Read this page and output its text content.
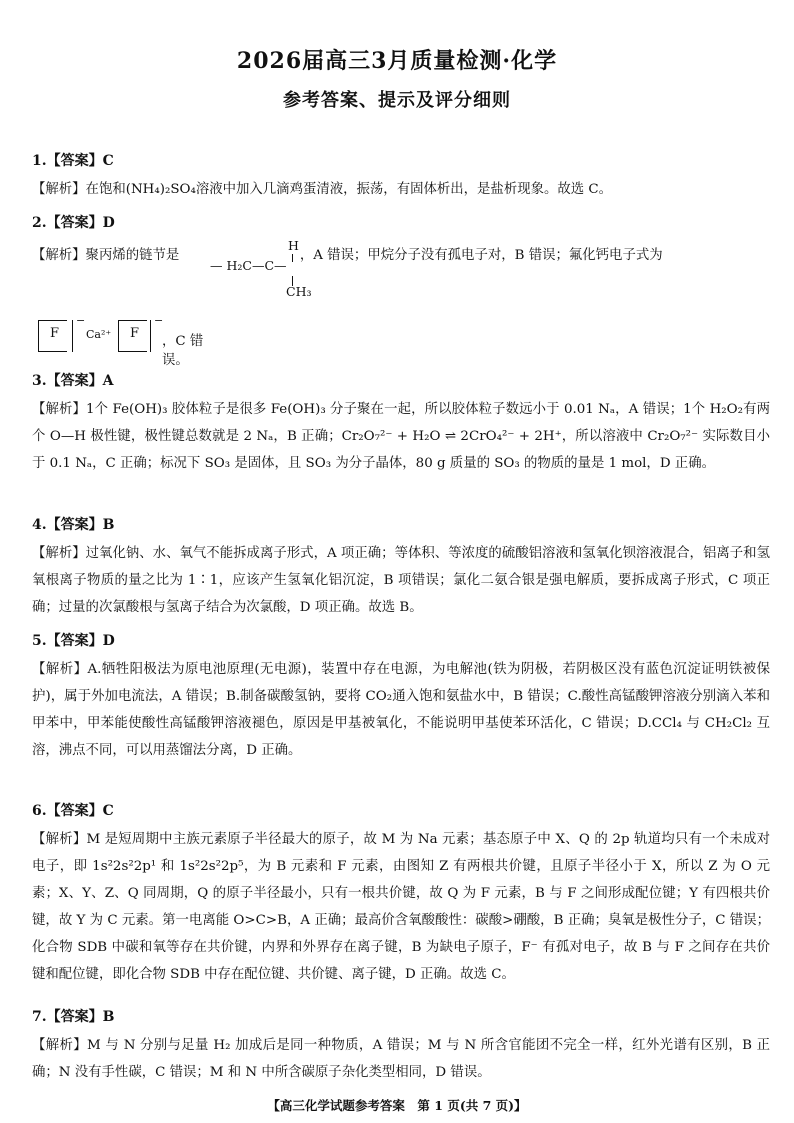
2026届高三3月质量检测·化学
参考答案、提示及评分细则
1.【答案】C
【解析】在饱和(NH₄)₂SO₄溶液中加入几滴鸡蛋清液，振荡，有固体析出，是盐析现象。故选 C。
2.【答案】D
【解析】聚丙烯的链节是	，A 错误；甲烷分子没有孤电子对，B 错误；氟化钙电子式为
H
— H₂C—C—
CH₃
F
−
Ca²⁺ F
−
，C 错误。
3.【答案】A
【解析】1个 Fe(OH)₃ 胶体粒子是很多 Fe(OH)₃ 分子聚在一起，所以胶体粒子数远小于 0.01 Nₐ，A 错误；1个 H₂O₂有两个 O—H 极性键，极性键总数就是 2 Nₐ，B 正确；Cr₂O₇²⁻ + H₂O ⇌ 2CrO₄²⁻ + 2H⁺，所以溶液中 Cr₂O₇²⁻ 实际数目小于 0.1 Nₐ，C 正确；标况下 SO₃ 是固体，且 SO₃ 为分子晶体，80 g 质量的 SO₃ 的物质的量是 1 mol，D 正确。
4.【答案】B
【解析】过氧化钠、水、氧气不能拆成离子形式，A 项正确；等体积、等浓度的硫酸铝溶液和氢氧化钡溶液混合，铝离子和氢氧根离子物质的量之比为 1∶1，应该产生氢氧化铝沉淀，B 项错误；氯化二氨合银是强电解质，要拆成离子形式，C 项正确；过量的次氯酸根与氢离子结合为次氯酸，D 项正确。故选 B。
5.【答案】D
【解析】A.牺牲阳极法为原电池原理(无电源)，装置中存在电源，为电解池(铁为阴极，若阴极区没有蓝色沉淀证明铁被保护)，属于外加电流法，A 错误；B.制备碳酸氢钠，要将 CO₂通入饱和氨盐水中，B 错误；C.酸性高锰酸钾溶液分别滴入苯和甲苯中，甲苯能使酸性高锰酸钾溶液褪色，原因是甲基被氧化，不能说明甲基使苯环活化，C 错误；D.CCl₄ 与 CH₂Cl₂ 互溶，沸点不同，可以用蒸馏法分离，D 正确。
6.【答案】C
【解析】M 是短周期中主族元素原子半径最大的原子，故 M 为 Na 元素；基态原子中 X、Q 的 2p 轨道均只有一个未成对电子，即 1s²2s²2p¹ 和 1s²2s²2p⁵，为 B 元素和 F 元素，由图知 Z 有两根共价键，且原子半径小于 X，所以 Z 为 O 元素；X、Y、Z、Q 同周期，Q 的原子半径最小，只有一根共价键，故 Q 为 F 元素，B 与 F 之间形成配位键；Y 有四根共价键，故 Y 为 C 元素。第一电离能 O>C>B，A 正确；最高价含氧酸酸性：碳酸>硼酸，B 正确；臭氧是极性分子，C 错误；化合物 SDB 中碳和氧等存在共价键，内界和外界存在离子键，B 为缺电子原子，F⁻ 有孤对电子，故 B 与 F 之间存在共价键和配位键，即化合物 SDB 中存在配位键、共价键、离子键，D 正确。故选 C。
7.【答案】B
【解析】M 与 N 分别与足量 H₂ 加成后是同一种物质，A 错误；M 与 N 所含官能团不完全一样，红外光谱有区别，B 正确；N 没有手性碳，C 错误；M 和 N 中所含碳原子杂化类型相同，D 错误。
【高三化学试题参考答案　第 1 页(共 7 页)】
